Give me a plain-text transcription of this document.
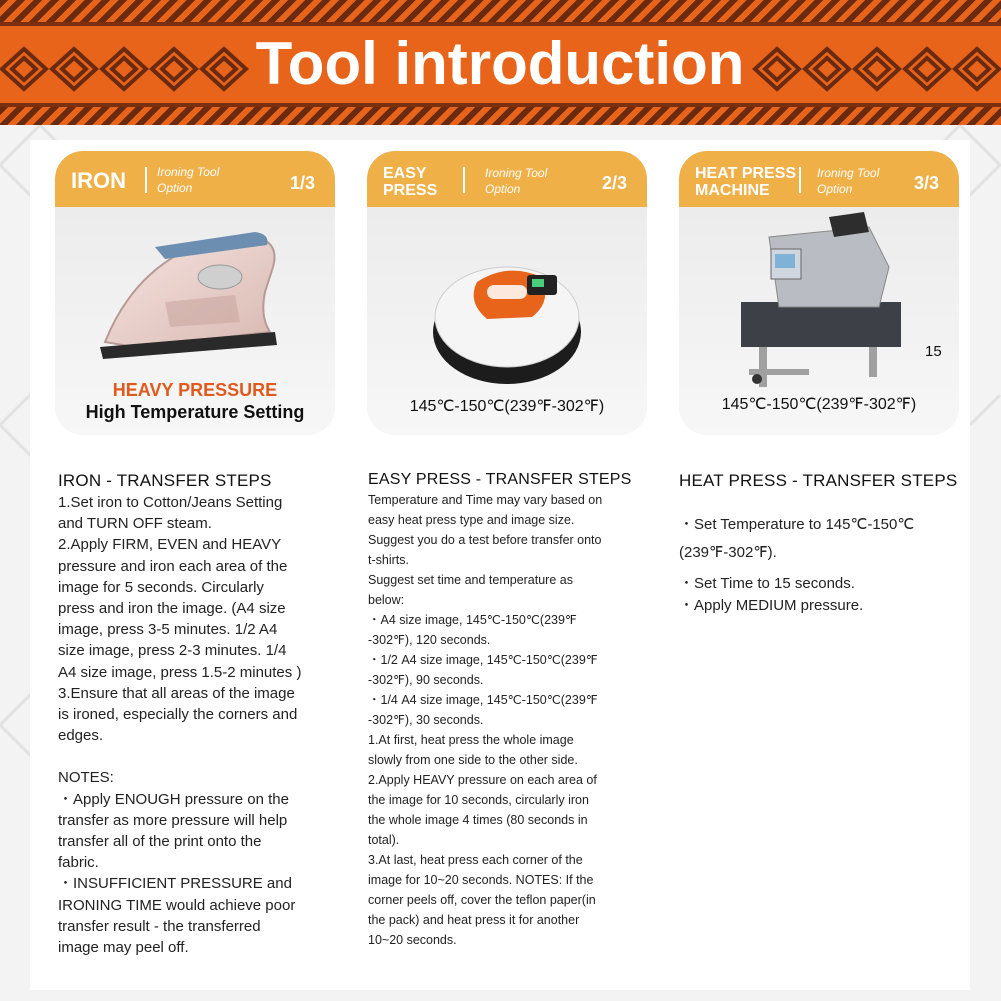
Tool introduction
IRON	Ironing Tool
Option	1/3
HEAVY PRESSURE
High Temperature Setting
EASY
PRESS
Ironing Tool
Option	2/3
145℃-150℃(239℉-302℉)
HEAT PRESS
MACHINE
Ironing Tool
Option	3/3
145℃-150℃(239℉-302℉)
15
IRON - TRANSFER STEPS
1.Set iron to Cotton/Jeans Setting
and TURN OFF steam.
2.Apply FIRM, EVEN and HEAVY
pressure and iron each area of the
image for 5 seconds. Circularly
press and iron the image. (A4 size
image, press 3-5 minutes. 1/2 A4
size image, press 2-3 minutes. 1/4
A4 size image, press 1.5-2 minutes )
3.Ensure that all areas of the image
is ironed, especially the corners and
edges.
NOTES:
・Apply ENOUGH pressure on the
transfer as more pressure will help
transfer all of the print onto the
fabric.
・INSUFFICIENT PRESSURE and
IRONING TIME would achieve poor
transfer result - the transferred
image may peel off.
EASY PRESS - TRANSFER STEPS
Temperature and Time may vary based on
easy heat press type and image size.
Suggest you do a test before transfer onto
t-shirts.
Suggest set time and temperature as
below:
・A4 size image, 145℃-150℃(239℉
-302℉), 120 seconds.
・1/2 A4 size image, 145℃-150℃(239℉
-302℉), 90 seconds.
・1/4 A4 size image, 145℃-150℃(239℉
-302℉), 30 seconds.
1.At first, heat press the whole image
slowly from one side to the other side.
2.Apply HEAVY pressure on each area of
the image for 10 seconds, circularly iron
the whole image 4 times (80 seconds in
total).
3.At last, heat press each corner of the
image for 10~20 seconds. NOTES: If the
corner peels off, cover the teflon paper(in
the pack) and heat press it for another
10~20 seconds.
HEAT PRESS - TRANSFER STEPS
・Set Temperature to 145℃-150℃
(239℉-302℉).
・Set Time to 15 seconds.
・Apply MEDIUM pressure.
